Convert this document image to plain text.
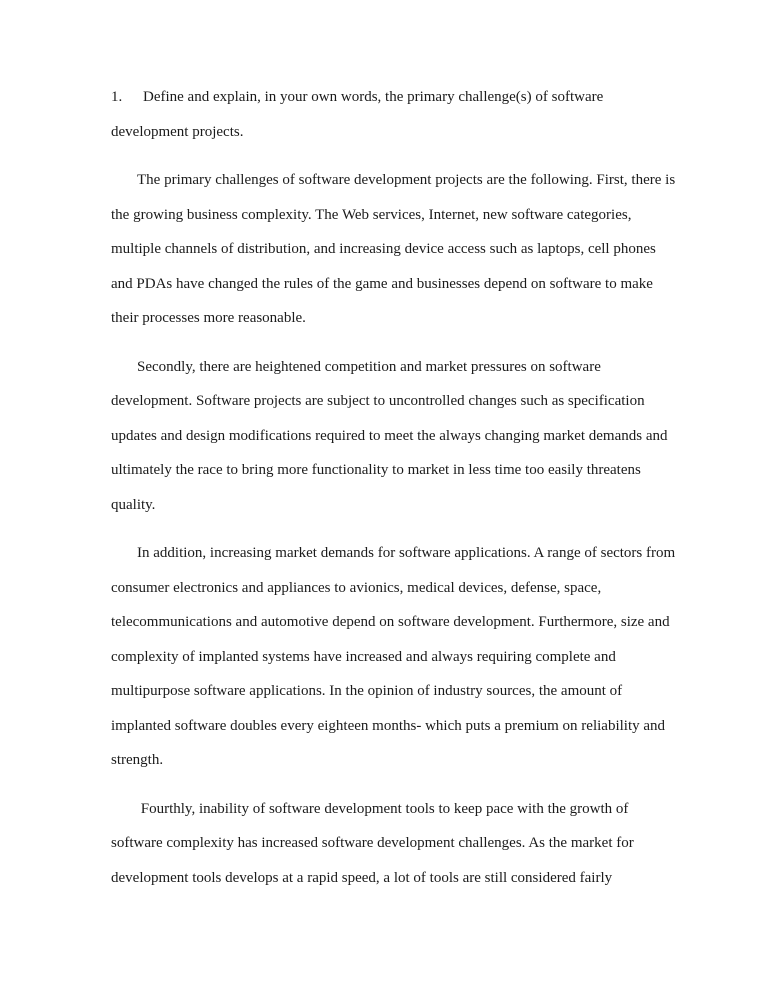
1. Define and explain, in your own words, the primary challenge(s) of software
development projects.
The primary challenges of software development projects are the following. First, there is
the growing business complexity. The Web services, Internet, new software categories,
multiple channels of distribution, and increasing device access such as laptops, cell phones
and PDAs have changed the rules of the game and businesses depend on software to make
their processes more reasonable.
Secondly, there are heightened competition and market pressures on software
development. Software projects are subject to uncontrolled changes such as specification
updates and design modifications required to meet the always changing market demands and
ultimately the race to bring more functionality to market in less time too easily threatens
quality.
In addition, increasing market demands for software applications. A range of sectors from
consumer electronics and appliances to avionics, medical devices, defense, space,
telecommunications and automotive depend on software development. Furthermore, size and
complexity of implanted systems have increased and always requiring complete and
multipurpose software applications. In the opinion of industry sources, the amount of
implanted software doubles every eighteen months- which puts a premium on reliability and
strength.
Fourthly, inability of software development tools to keep pace with the growth of
software complexity has increased software development challenges. As the market for
development tools develops at a rapid speed, a lot of tools are still considered fairly
